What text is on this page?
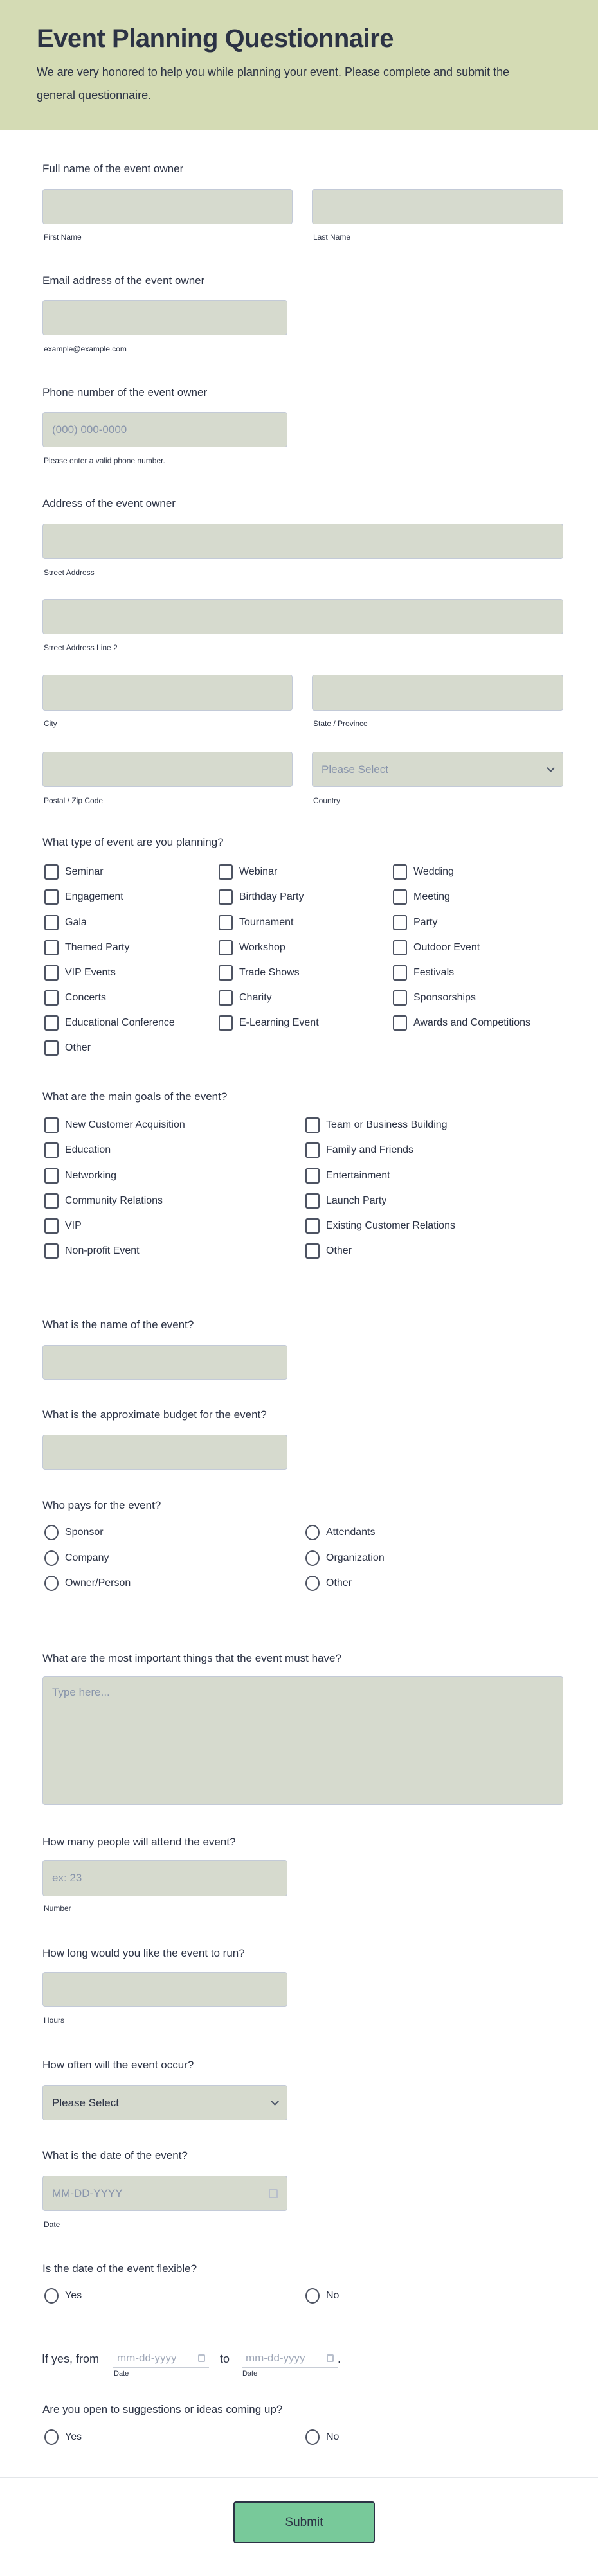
Event Planning Questionnaire

We are very honored to help you while planning your event. Please complete and submit the general questionnaire.

Full name of the event owner
First Name	Last Name
Email address of the event owner
example@example.com
Phone number of the event owner
(000) 000-0000
Please enter a valid phone number.
Address of the event owner
Street Address
Street Address Line 2
City	State / Province
Please Select
Postal / Zip Code	Country
What type of event are you planning?
Seminar	Webinar	Wedding
Engagement	Birthday Party	Meeting
Gala	Tournament	Party
Themed Party	Workshop	Outdoor Event
VIP Events	Trade Shows	Festivals
Concerts	Charity	Sponsorships
Educational Conference	E-Learning Event	Awards and Competitions
Other
What are the main goals of the event?
New Customer Acquisition	Team or Business Building
Education	Family and Friends
Networking	Entertainment
Community Relations	Launch Party
VIP	Existing Customer Relations
Non-profit Event	Other
What is the name of the event?
What is the approximate budget for the event?
Who pays for the event?
Sponsor	Attendants
Company	Organization
Owner/Person	Other
What are the most important things that the event must have?
Type here...
How many people will attend the event?
ex: 23
Number
How long would you like the event to run?
Hours
How often will the event occur?
Please Select
What is the date of the event?
MM-DD-YYYY
Date
Is the date of the event flexible?
Yes	No
If yes, from mm-dd-yyyy
Date
to mm-dd-yyyy	.
Date
Are you open to suggestions or ideas coming up?
Yes	No
Submit
